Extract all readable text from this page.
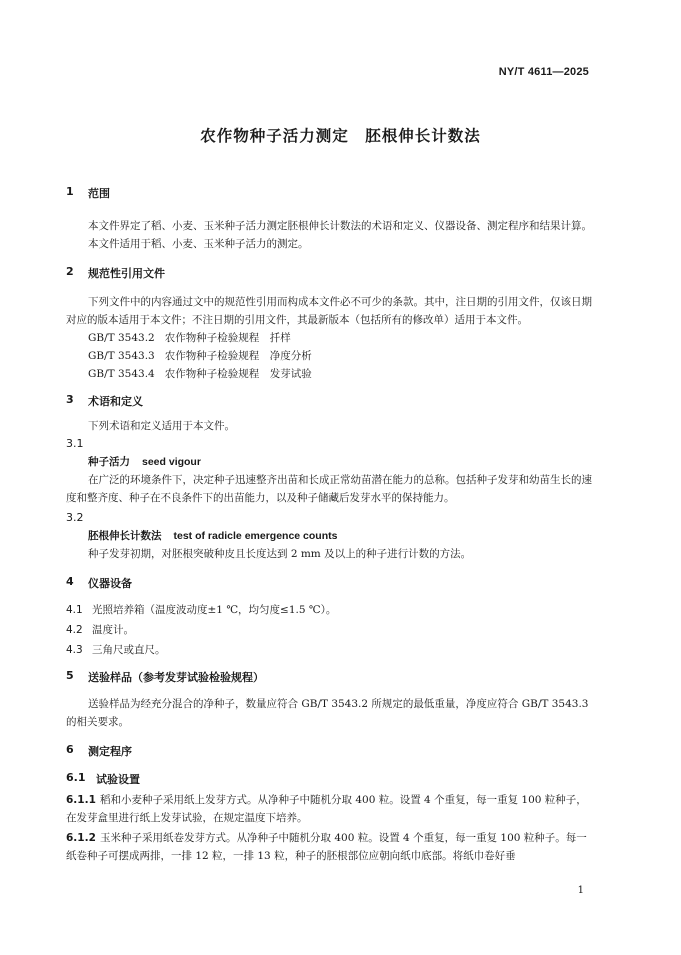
NY/T 4611—2025
农作物种子活力测定　胚根伸长计数法
1	范围

本文件界定了稻、小麦、玉米种子活力测定胚根伸长计数法的术语和定义、仪器设备、测定程序和结果计算。

本文件适用于稻、小麦、玉米种子活力的测定。

2	规范性引用文件

下列文件中的内容通过文中的规范性引用而构成本文件必不可少的条款。其中，注日期的引用文件，仅该日期对应的版本适用于本文件；不注日期的引用文件，其最新版本（包括所有的修改单）适用于本文件。

GB/T 3543.2 农作物种子检验规程　扦样
GB/T 3543.3 农作物种子检验规程　净度分析
GB/T 3543.4 农作物种子检验规程　发芽试验
3	术语和定义

下列术语和定义适用于本文件。

3.1
种子活力 seed vigour

在广泛的环境条件下，决定种子迅速整齐出苗和长成正常幼苗潜在能力的总称。包括种子发芽和幼苗生长的速度和整齐度、种子在不良条件下的出苗能力，以及种子储藏后发芽水平的保持能力。

3.2
胚根伸长计数法 test of radicle emergence counts

种子发芽初期，对胚根突破种皮且长度达到 2 mm 及以上的种子进行计数的方法。

4	仪器设备
4.1 光照培养箱（温度波动度±1 ℃，均匀度≤1.5 ℃）。
4.2 温度计。
4.3 三角尺或直尺。
5	送验样品（参考发芽试验检验规程）

送验样品为经充分混合的净种子，数量应符合 GB/T 3543.2 所规定的最低重量，净度应符合 GB/T 3543.3 的相关要求。

6	测定程序
6.1 试验设置

6.1.1 稻和小麦种子采用纸上发芽方式。从净种子中随机分取 400 粒。设置 4 个重复，每一重复 100 粒种子，在发芽盒里进行纸上发芽试验，在规定温度下培养。

6.1.2 玉米种子采用纸卷发芽方式。从净种子中随机分取 400 粒。设置 4 个重复，每一重复 100 粒种子。每一纸卷种子可摆成两排，一排 12 粒，一排 13 粒，种子的胚根部位应朝向纸巾底部。将纸巾卷好垂

1
